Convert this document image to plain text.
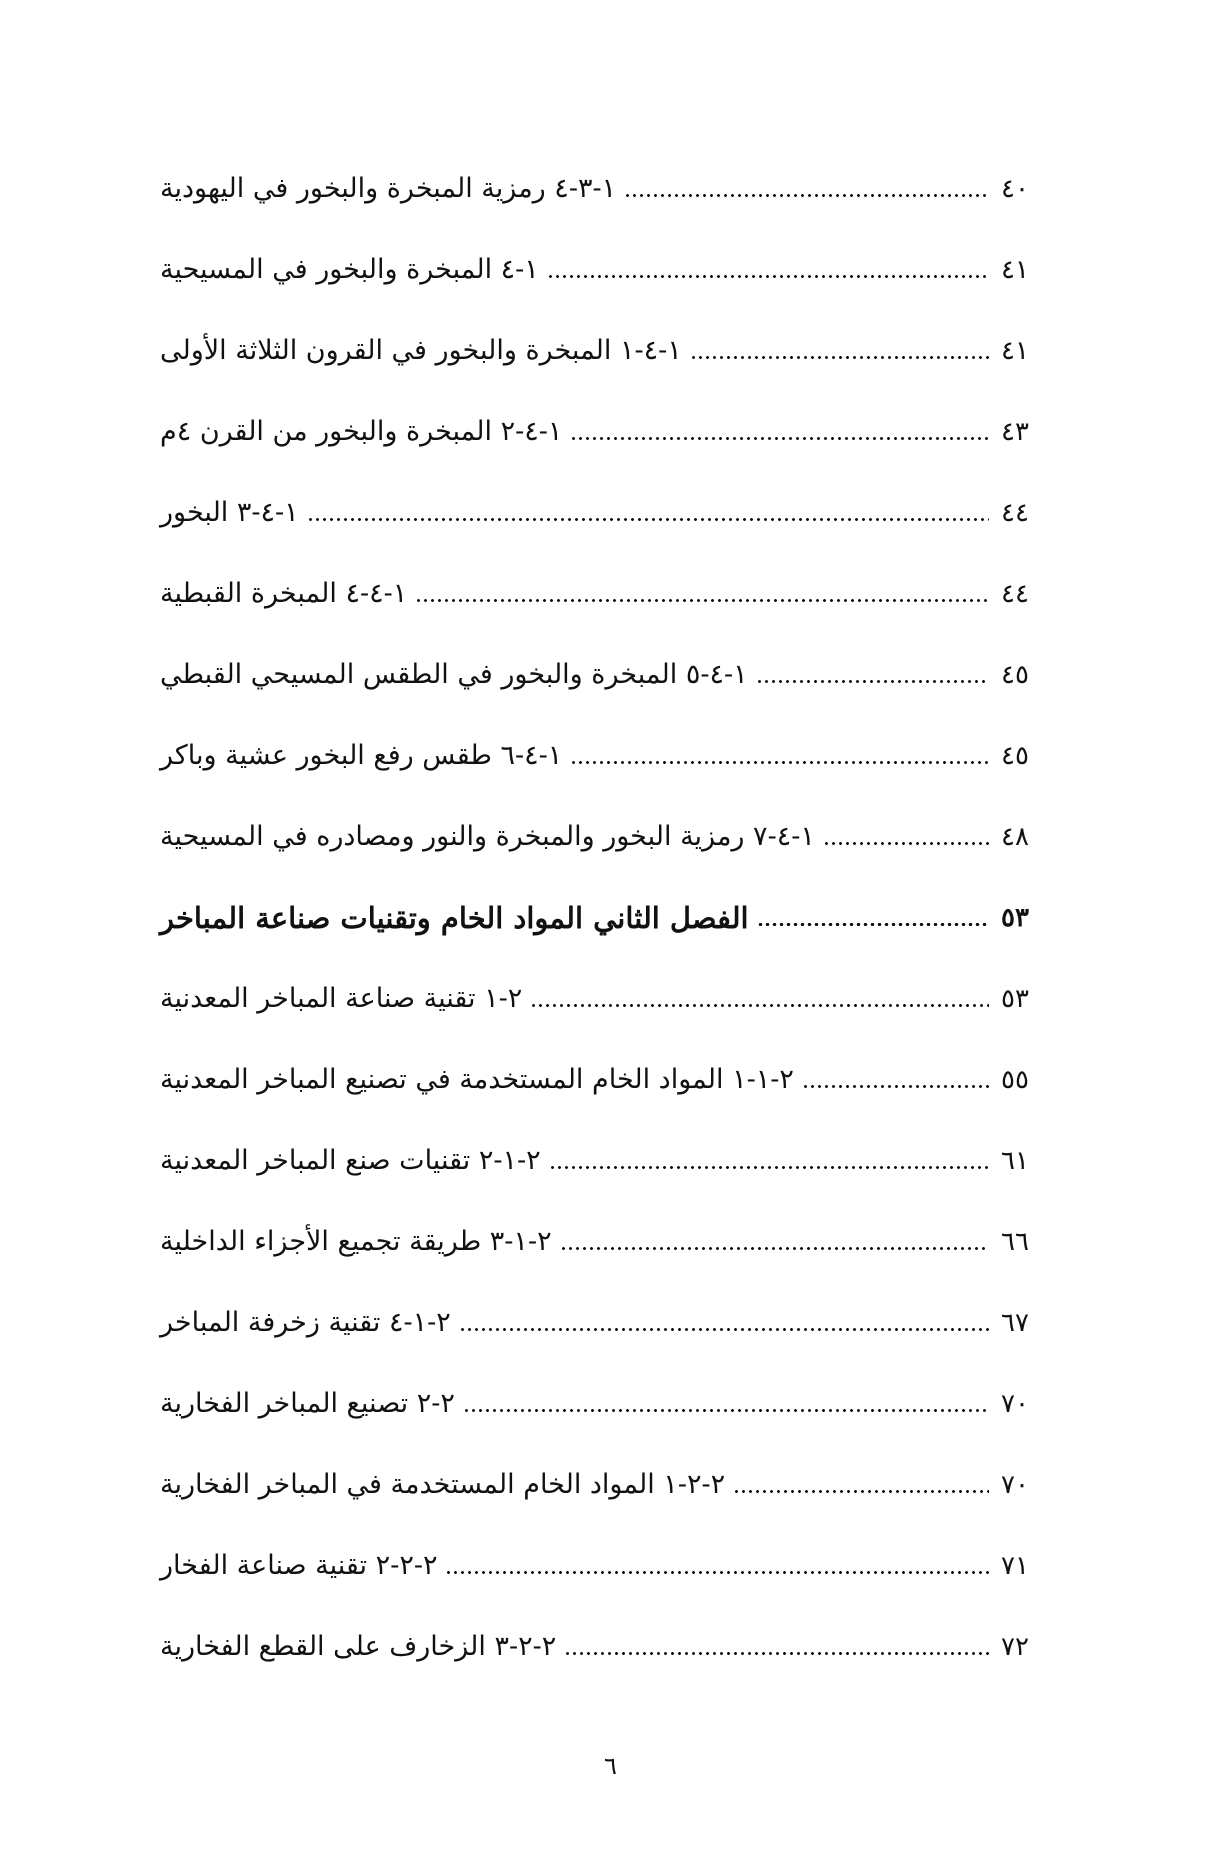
١-٣-٤ رمزية المبخرة والبخور في اليهودية	٤٠
١-٤ المبخرة والبخور في المسيحية	٤١
١-٤-١ المبخرة والبخور في القرون الثلاثة الأولى	٤١
١-٤-٢ المبخرة والبخور من القرن ٤م	٤٣
١-٤-٣ البخور	٤٤
١-٤-٤ المبخرة القبطية	٤٤
١-٤-٥ المبخرة والبخور في الطقس المسيحي القبطي	٤٥
١-٤-٦ طقس رفع البخور عشية وباكر	٤٥
١-٤-٧ رمزية البخور والمبخرة والنور ومصادره في المسيحية	٤٨
الفصل الثاني المواد الخام وتقنيات صناعة المباخر	٥٣
٢-١ تقنية صناعة المباخر المعدنية	٥٣
٢-١-١ المواد الخام المستخدمة في تصنيع المباخر المعدنية	٥٥
٢-١-٢ تقنيات صنع المباخر المعدنية	٦١
٢-١-٣ طريقة تجميع الأجزاء الداخلية	٦٦
٢-١-٤ تقنية زخرفة المباخر	٦٧
٢-٢ تصنيع المباخر الفخارية	٧٠
٢-٢-١ المواد الخام المستخدمة في المباخر الفخارية	٧٠
٢-٢-٢ تقنية صناعة الفخار	٧١
٢-٢-٣ الزخارف على القطع الفخارية	٧٢
٦
